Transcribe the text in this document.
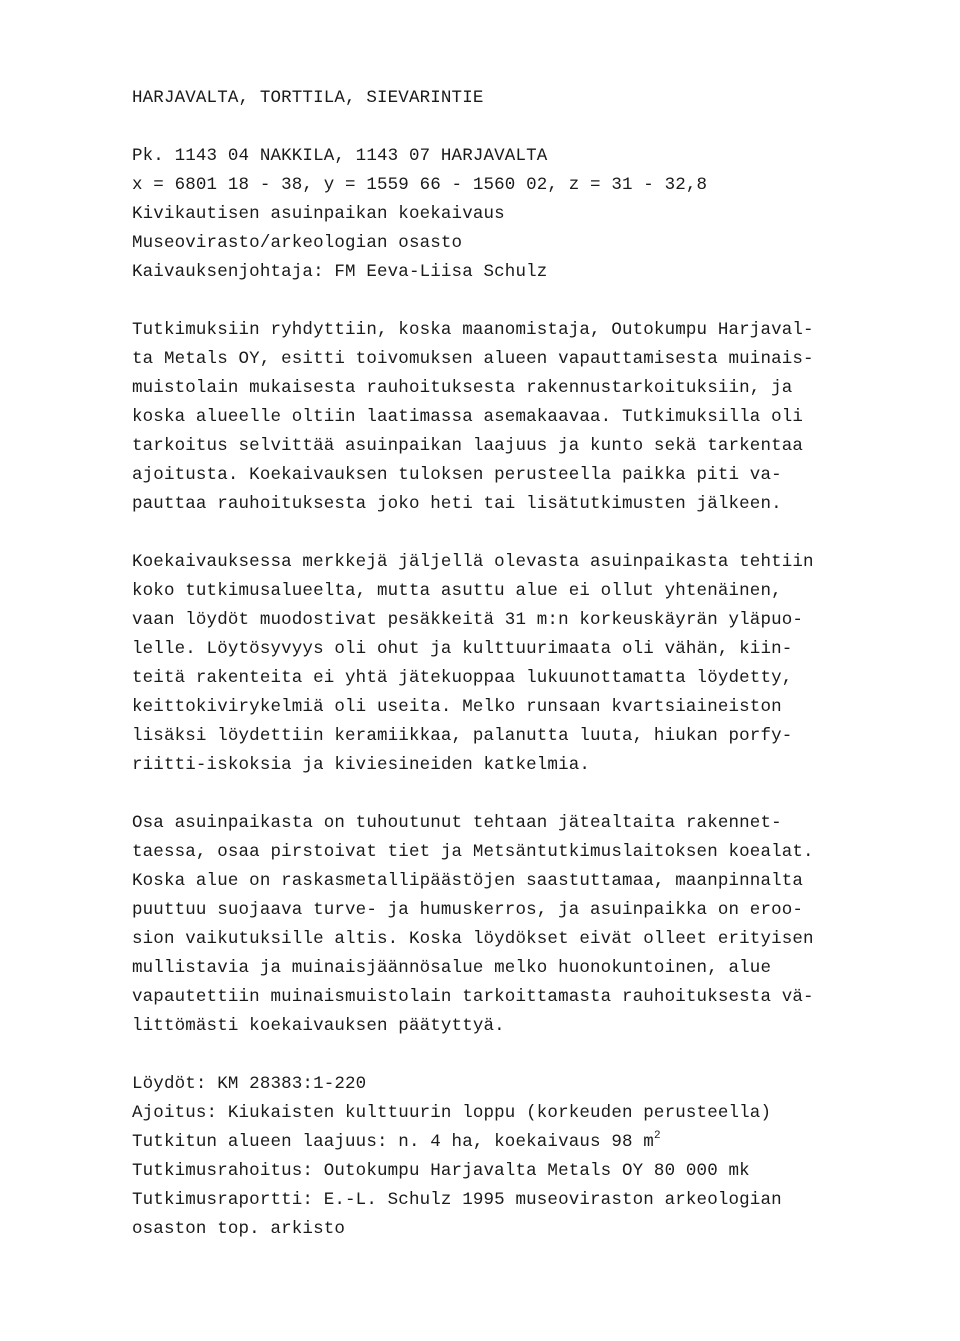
HARJAVALTA, TORTTILA, SIEVARINTIE
Pk. 1143 04 NAKKILA, 1143 07 HARJAVALTA
x = 6801 18 - 38, y = 1559 66 - 1560 02, z = 31 - 32,8
Kivikautisen asuinpaikan koekaivaus
Museovirasto/arkeologian osasto
Kaivauksenjohtaja: FM Eeva-Liisa Schulz
Tutkimuksiin ryhdyttiin, koska maanomistaja, Outokumpu Harjaval-
ta Metals OY, esitti toivomuksen alueen vapauttamisesta muinais-
muistolain mukaisesta rauhoituksesta rakennustarkoituksiin, ja
koska alueelle oltiin laatimassa asemakaavaa. Tutkimuksilla oli
tarkoitus selvittää asuinpaikan laajuus ja kunto sekä tarkentaa
ajoitusta. Koekaivauksen tuloksen perusteella paikka piti va-
pauttaa rauhoituksesta joko heti tai lisätutkimusten jälkeen.
Koekaivauksessa merkkejä jäljellä olevasta asuinpaikasta tehtiin
koko tutkimusalueelta, mutta asuttu alue ei ollut yhtenäinen,
vaan löydöt muodostivat pesäkkeitä 31 m:n korkeuskäyrän yläpuo-
lelle. Löytösyvyys oli ohut ja kulttuurimaata oli vähän, kiin-
teitä rakenteita ei yhtä jätekuoppaa lukuunottamatta löydetty,
keittokivirykelmiä oli useita. Melko runsaan kvartsiaineiston
lisäksi löydettiin keramiikkaa, palanutta luuta, hiukan porfy-
riitti-iskoksia ja kiviesineiden katkelmia.
Osa asuinpaikasta on tuhoutunut tehtaan jätealtaita rakennet-
taessa, osaa pirstoivat tiet ja Metsäntutkimuslaitoksen koealat.
Koska alue on raskasmetallipäästöjen saastuttamaa, maanpinnalta
puuttuu suojaava turve- ja humuskerros, ja asuinpaikka on eroo-
sion vaikutuksille altis. Koska löydökset eivät olleet erityisen
mullistavia ja muinaisjäännösalue melko huonokuntoinen, alue
vapautettiin muinaismuistolain tarkoittamasta rauhoituksesta vä-
littömästi koekaivauksen päätyttyä.
Löydöt: KM 28383:1-220
Ajoitus: Kiukaisten kulttuurin loppu (korkeuden perusteella)
Tutkitun alueen laajuus: n. 4 ha, koekaivaus 98 $m^2$
Tutkimusrahoitus: Outokumpu Harjavalta Metals OY 80 000 mk
Tutkimusraportti: E.-L. Schulz 1995 museoviraston arkeologian
osaston top. arkisto
